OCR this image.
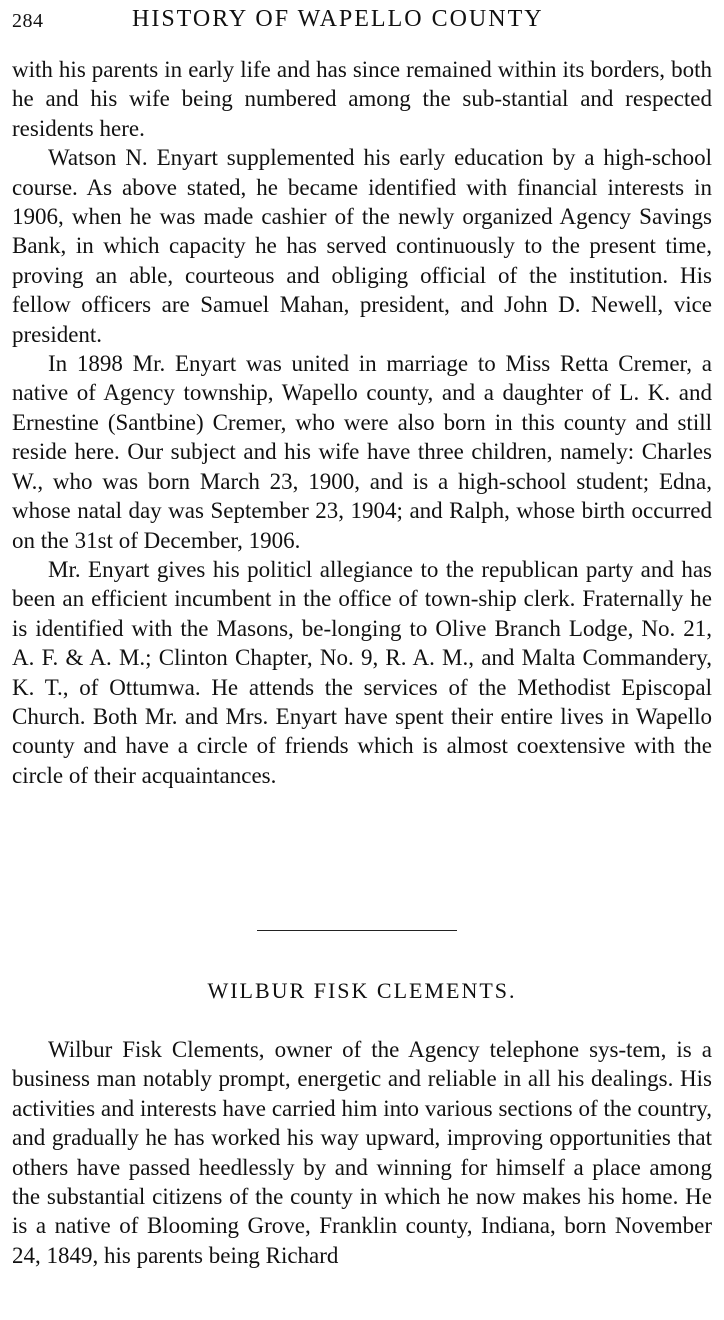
284	HISTORY OF WAPELLO COUNTY

with his parents in early life and has since remained within its borders, both he and his wife being numbered among the sub-stantial and respected residents here.

Watson N. Enyart supplemented his early education by a high-school course. As above stated, he became identified with financial interests in 1906, when he was made cashier of the newly organized Agency Savings Bank, in which capacity he has served continuously to the present time, proving an able, courteous and obliging official of the institution. His fellow officers are Samuel Mahan, president, and John D. Newell, vice president.

In 1898 Mr. Enyart was united in marriage to Miss Retta Cremer, a native of Agency township, Wapello county, and a daughter of L. K. and Ernestine (Santbine) Cremer, who were also born in this county and still reside here. Our subject and his wife have three children, namely: Charles W., who was born March 23, 1900, and is a high-school student; Edna, whose natal day was September 23, 1904; and Ralph, whose birth occurred on the 31st of December, 1906.

Mr. Enyart gives his politicl allegiance to the republican party and has been an efficient incumbent in the office of town-ship clerk. Fraternally he is identified with the Masons, be-longing to Olive Branch Lodge, No. 21, A. F. & A. M.; Clinton Chapter, No. 9, R. A. M., and Malta Commandery, K. T., of Ottumwa. He attends the services of the Methodist Episcopal Church. Both Mr. and Mrs. Enyart have spent their entire lives in Wapello county and have a circle of friends which is almost coextensive with the circle of their acquaintances.

WILBUR FISK CLEMENTS.

Wilbur Fisk Clements, owner of the Agency telephone sys-tem, is a business man notably prompt, energetic and reliable in all his dealings. His activities and interests have carried him into various sections of the country, and gradually he has worked his way upward, improving opportunities that others have passed heedlessly by and winning for himself a place among the substantial citizens of the county in which he now makes his home. He is a native of Blooming Grove, Franklin county, Indiana, born November 24, 1849, his parents being Richard
